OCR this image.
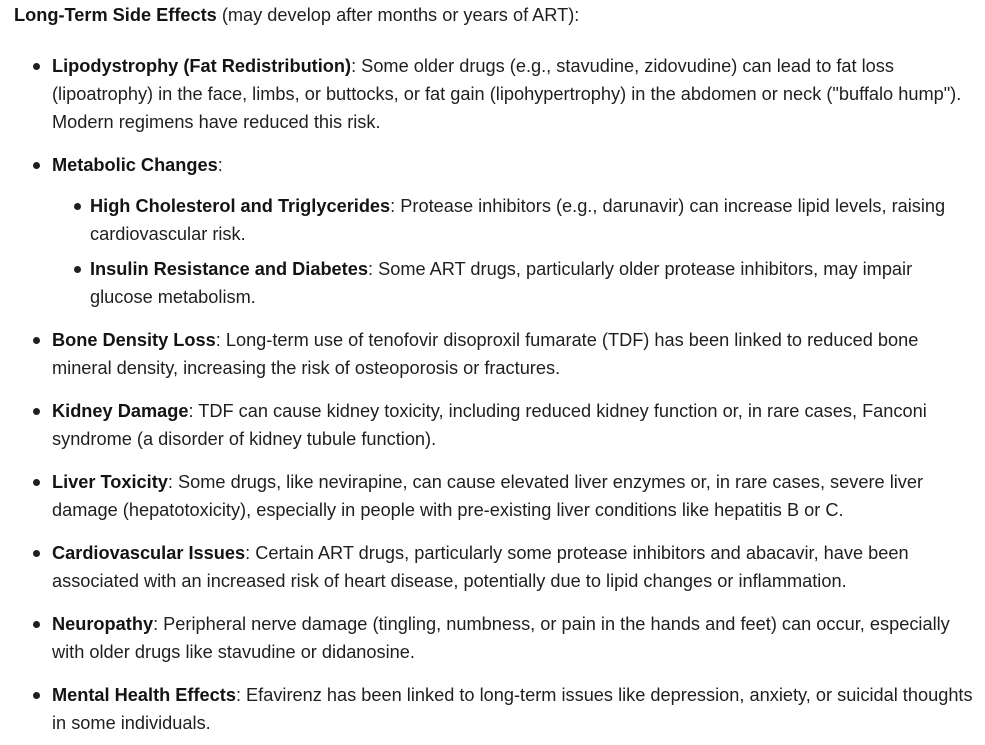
Long-Term Side Effects (may develop after months or years of ART):

Lipodystrophy (Fat Redistribution): Some older drugs (e.g., stavudine, zidovudine) can lead to fat loss (lipoatrophy) in the face, limbs, or buttocks, or fat gain (lipohypertrophy) in the abdomen or neck ("buffalo hump"). Modern regimens have reduced this risk.

Metabolic Changes:

High Cholesterol and Triglycerides: Protease inhibitors (e.g., darunavir) can increase lipid levels, raising cardiovascular risk.

Insulin Resistance and Diabetes: Some ART drugs, particularly older protease inhibitors, may impair glucose metabolism.

Bone Density Loss: Long-term use of tenofovir disoproxil fumarate (TDF) has been linked to reduced bone mineral density, increasing the risk of osteoporosis or fractures.

Kidney Damage: TDF can cause kidney toxicity, including reduced kidney function or, in rare cases, Fanconi syndrome (a disorder of kidney tubule function).

Liver Toxicity: Some drugs, like nevirapine, can cause elevated liver enzymes or, in rare cases, severe liver damage (hepatotoxicity), especially in people with pre-existing liver conditions like hepatitis B or C.

Cardiovascular Issues: Certain ART drugs, particularly some protease inhibitors and abacavir, have been associated with an increased risk of heart disease, potentially due to lipid changes or inflammation.

Neuropathy: Peripheral nerve damage (tingling, numbness, or pain in the hands and feet) can occur, especially with older drugs like stavudine or didanosine.

Mental Health Effects: Efavirenz has been linked to long-term issues like depression, anxiety, or suicidal thoughts in some individuals.
